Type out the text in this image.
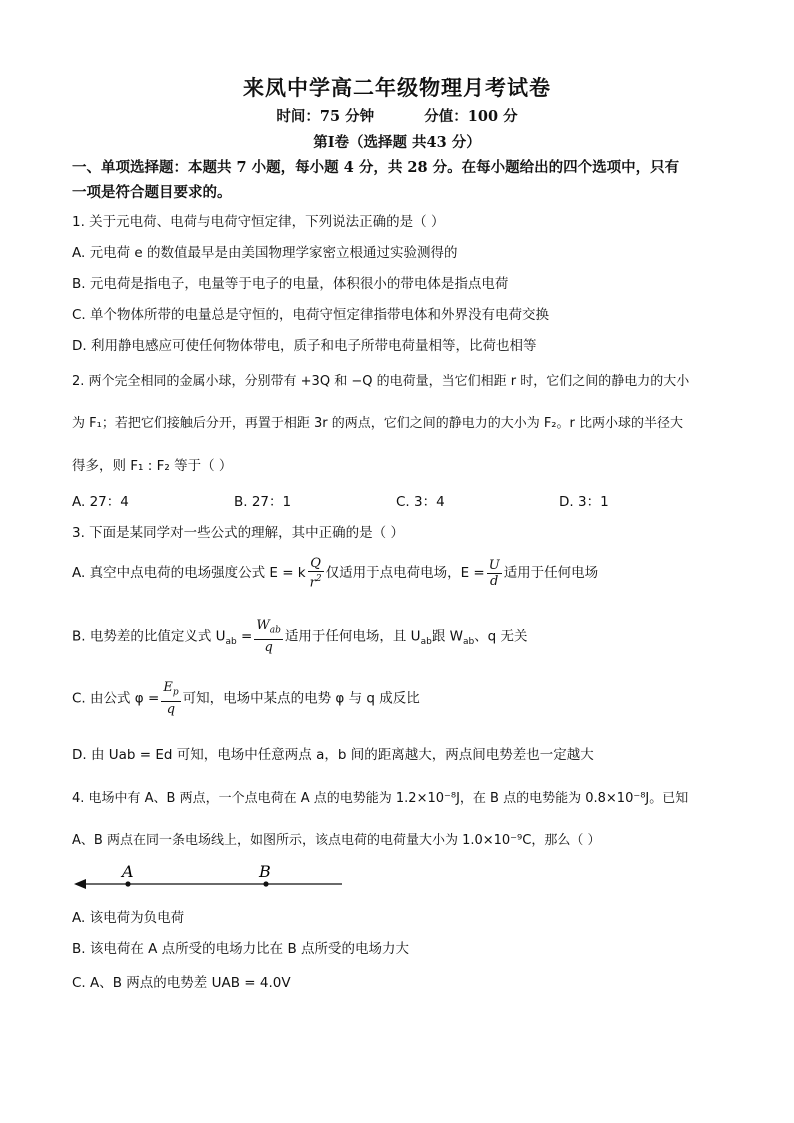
来凤中学高二年级物理月考试卷
时间：75 分钟	分值：100 分
第Ⅰ卷（选择题 共43 分）
一、单项选择题：本题共 7 小题，每小题 4 分，共 28 分。在每小题给出的四个选项中，只有
一项是符合题目要求的。
1. 关于元电荷、电荷与电荷守恒定律，下列说法正确的是（ ）
A. 元电荷 e 的数值最早是由美国物理学家密立根通过实验测得的
B. 元电荷是指电子，电量等于电子的电量，体积很小的带电体是指点电荷
C. 单个物体所带的电量总是守恒的，电荷守恒定律指带电体和外界没有电荷交换
D. 利用静电感应可使任何物体带电，质子和电子所带电荷量相等，比荷也相等
2. 两个完全相同的金属小球，分别带有 +3Q 和 −Q 的电荷量，当它们相距 r 时，它们之间的静电力的大小
为 F₁；若把它们接触后分开，再置于相距 3r 的两点，它们之间的静电力的大小为 F₂。r 比两小球的半径大
得多，则 F₁ : F₂ 等于（ ）
A. 27：4	B. 27：1	C. 3：4	D. 3：1
3. 下面是某同学对一些公式的理解，其中正确的是（ ）
A. 真空中点电荷的电场强度公式 E = k $\frac{Q}{r^2}$ 仅适用于点电荷电场，$E = \frac{U}{d}$ 适用于任何电场
B. 电势差的比值定义式 $U_{ab} = \frac{W_{ab}}{q}$ 适用于任何电场，且 $U_{ab}$跟 $W_{ab}$、q 无关
C. 由公式 $\varphi = \frac{E_p}{q}$ 可知，电场中某点的电势 φ 与 q 成反比
D. 由 Uab = Ed 可知，电场中任意两点 a，b 间的距离越大，两点间电势差也一定越大
4. 电场中有 A、B 两点，一个点电荷在 A 点的电势能为 1.2×10⁻⁸J，在 B 点的电势能为 0.8×10⁻⁸J。已知
A、B 两点在同一条电场线上，如图所示，该点电荷的电荷量大小为 1.0×10⁻⁹C，那么（ ）
A	B
A. 该电荷为负电荷
B. 该电荷在 A 点所受的电场力比在 B 点所受的电场力大
C. A、B 两点的电势差 UAB = 4.0V
